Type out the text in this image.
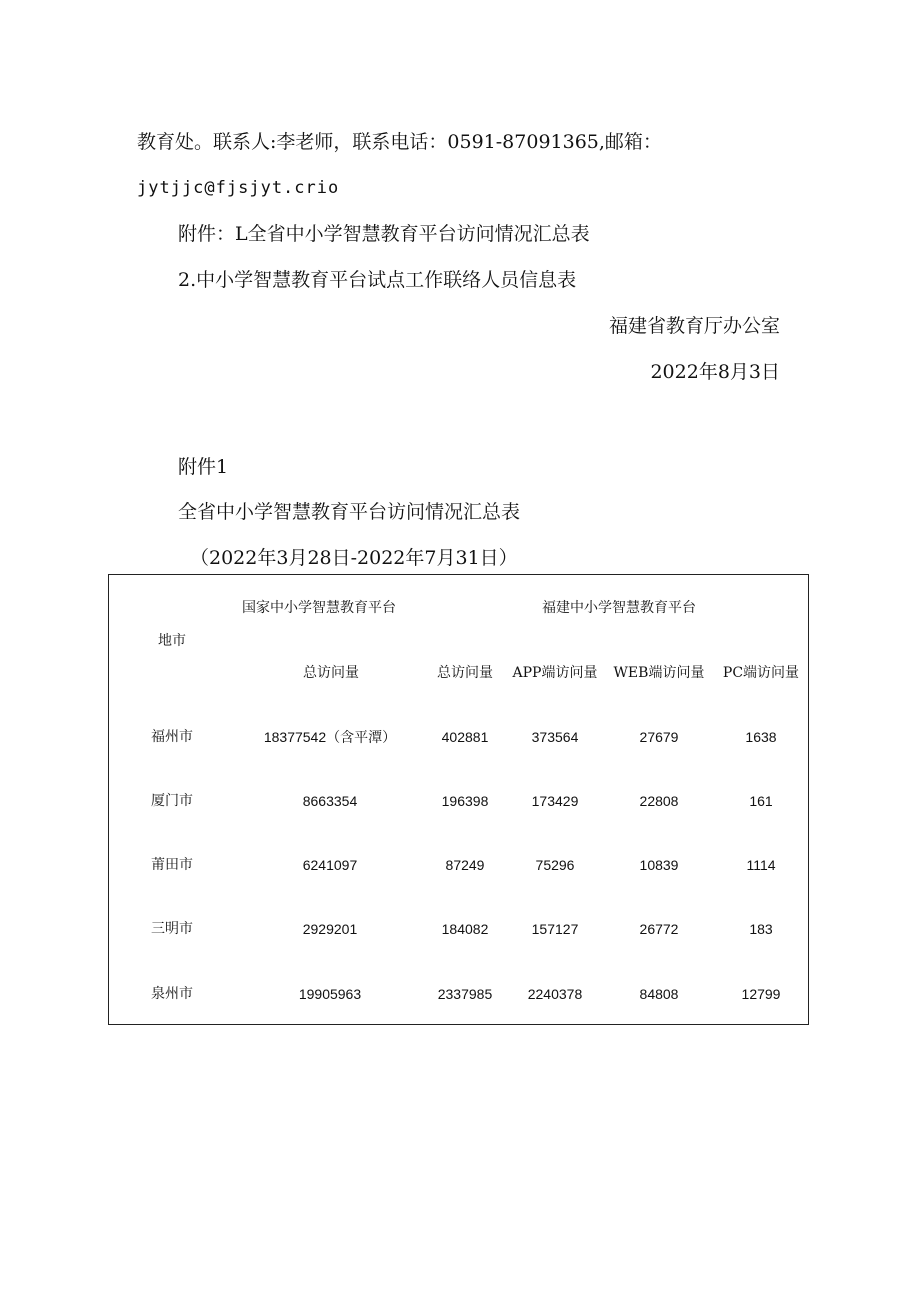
教育处。联系人:李老师，联系电话：0591-87091365,邮箱：
jytjjc@fjsjyt.crio
附件：L全省中小学智慧教育平台访问情况汇总表
2.中小学智慧教育平台试点工作联络人员信息表
福建省教育厅办公室
2022年8月3日
附件1
全省中小学智慧教育平台访问情况汇总表
（2022年3月28日-2022年7月31日）
地市
国家中小学智慧教育平台	福建中小学智慧教育平台
总访问量	总访问量	APP端访问量	WEB端访问量	PC端访问量
福州市	18377542（含平潭）	402881	373564	27679	1638
厦门市	8663354	196398	173429	22808	161
莆田市	6241097	87249	75296	10839	1114
三明市	2929201	184082	157127	26772	183
泉州市	19905963	2337985	2240378	84808	12799
